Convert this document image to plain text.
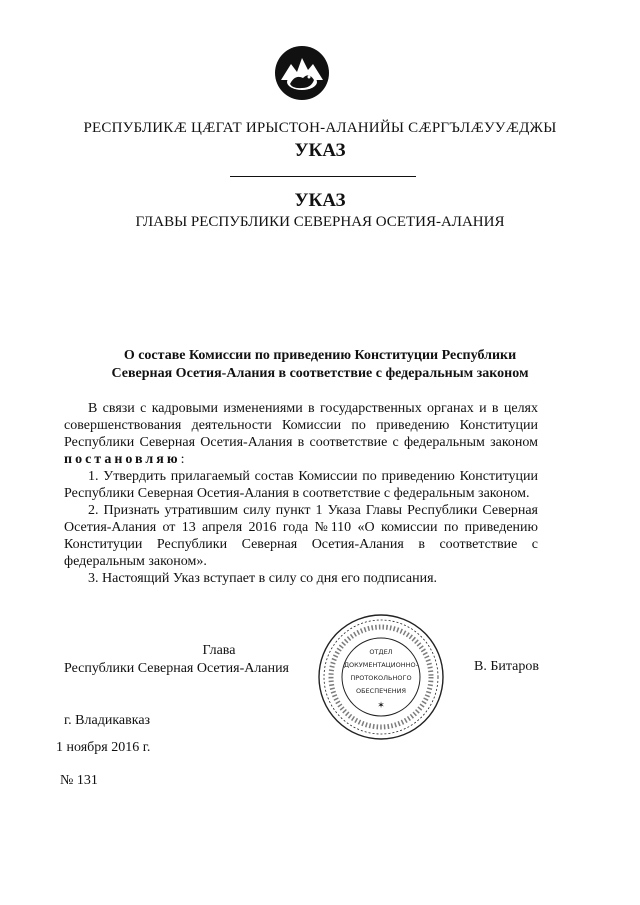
РЕСПУБЛИКӔ ЦӔГАТ ИРЫСТОН-АЛАНИЙЫ СӔРГЪЛӔУУӔДЖЫ
УКАЗ
УКАЗ
ГЛАВЫ РЕСПУБЛИКИ СЕВЕРНАЯ ОСЕТИЯ-АЛАНИЯ
О составе Комиссии по приведению Конституции Республики
Северная Осетия-Алания в соответствие с федеральным законом

В связи с кадровыми изменениями в государственных органах и в целях совершенствования деятельности Комиссии по приведению Конституции Республики Северная Осетия-Алания в соответствие с федеральным законом постановляю:

1. Утвердить прилагаемый состав Комиссии по приведению Конституции Республики Северная Осетия-Алания в соответствие с федеральным законом.

2. Признать утратившим силу пункт 1 Указа Главы Республики Северная Осетия-Алания от 13 апреля 2016 года №110 «О комиссии по приведению Конституции Республики Северная Осетия-Алания в соответствие с федеральным законом».

3. Настоящий Указ вступает в силу со дня его подписания.

Глава
Республики Северная Осетия-Алания
ОТДЕЛ
ДОКУМЕНТАЦИОННО-
ПРОТОКОЛЬНОГО
ОБЕСПЕЧЕНИЯ
✶
В. Битаров
г. Владикавказ
1 ноября 2016 г.
№ 131
